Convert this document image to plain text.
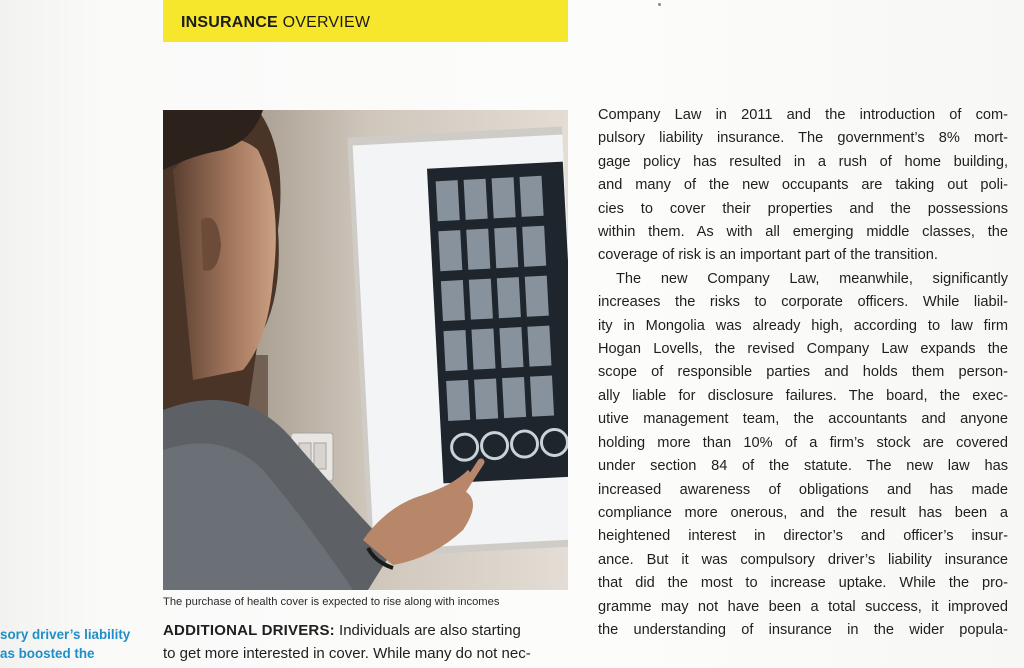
INSURANCE OVERVIEW
The purchase of health cover is expected to rise along with incomes
ADDITIONAL DRIVERS: Individuals are also starting
to get more interested in cover. While many do not nec-
sory driver’s liability
as boosted the
Company Law in 2011 and the introduction of com-
pulsory liability insurance. The government’s 8% mort-
gage policy has resulted in a rush of home building,
and many of the new occupants are taking out poli-
cies to cover their properties and the possessions
within them. As with all emerging middle classes, the
coverage of risk is an important part of the transition.
The new Company Law, meanwhile, significantly
increases the risks to corporate officers. While liabil-
ity in Mongolia was already high, according to law firm
Hogan Lovells, the revised Company Law expands the
scope of responsible parties and holds them person-
ally liable for disclosure failures. The board, the exec-
utive management team, the accountants and anyone
holding more than 10% of a firm’s stock are covered
under section 84 of the statute. The new law has
increased awareness of obligations and has made
compliance more onerous, and the result has been a
heightened interest in director’s and officer’s insur-
ance. But it was compulsory driver’s liability insurance
that did the most to increase uptake. While the pro-
gramme may not have been a total success, it improved
the understanding of insurance in the wider popula-
